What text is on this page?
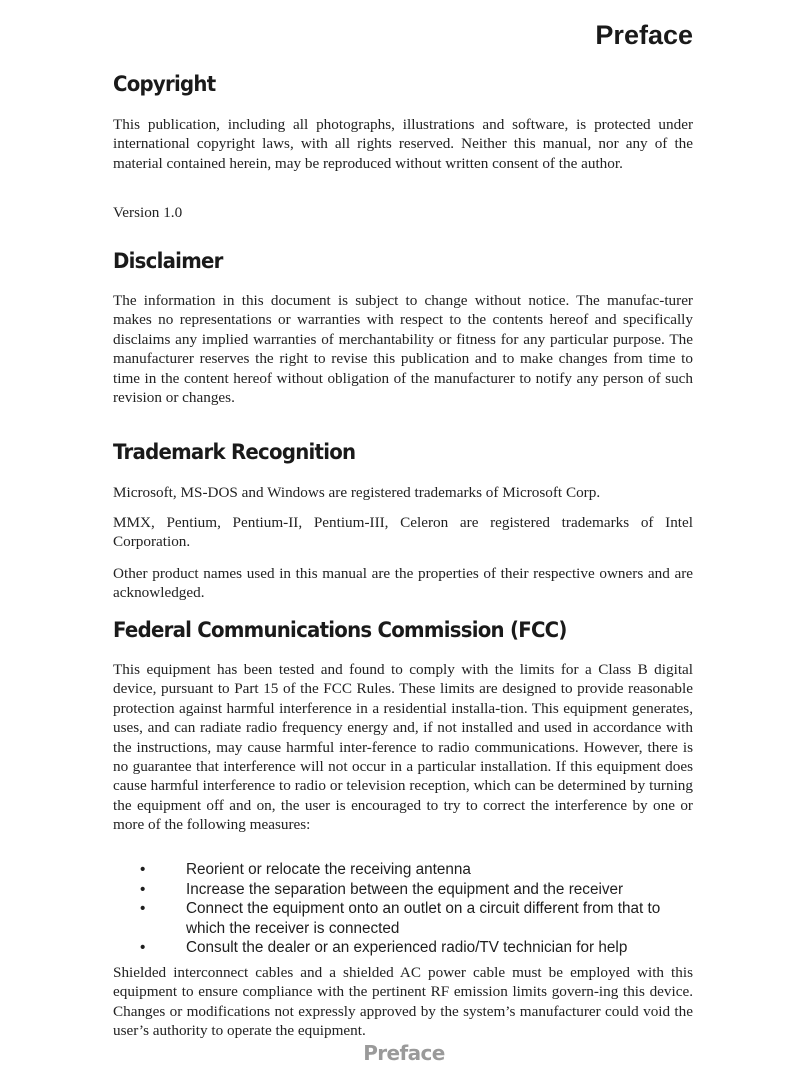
Preface
Copyright

This publication, including all photographs, illustrations and software, is protected under international copyright laws, with all rights reserved. Neither this manual, nor any of the material contained herein, may be reproduced without written consent of the author.

Version 1.0

Disclaimer

The information in this document is subject to change without notice. The manufac-turer makes no representations or warranties with respect to the contents hereof and specifically disclaims any implied warranties of merchantability or fitness for any particular purpose. The manufacturer reserves the right to revise this publication and to make changes from time to time in the content hereof without obligation of the manufacturer to notify any person of such revision or changes.

Trademark Recognition

Microsoft, MS-DOS and Windows are registered trademarks of Microsoft Corp.

MMX, Pentium, Pentium-II, Pentium-III, Celeron are registered trademarks of Intel Corporation.

Other product names used in this manual are the properties of their respective owners and are acknowledged.

Federal Communications Commission (FCC)

This equipment has been tested and found to comply with the limits for a Class B digital device, pursuant to Part 15 of the FCC Rules. These limits are designed to provide reasonable protection against harmful interference in a residential installa-tion. This equipment generates, uses, and can radiate radio frequency energy and, if not installed and used in accordance with the instructions, may cause harmful inter-ference to radio communications. However, there is no guarantee that interference will not occur in a particular installation. If this equipment does cause harmful interference to radio or television reception, which can be determined by turning the equipment off and on, the user is encouraged to try to correct the interference by one or more of the following measures:

•	Reorient or relocate the receiving antenna
•	Increase the separation between the equipment and the receiver
•	Connect the equipment onto an outlet on a circuit different from that to which the receiver is connected
•	Consult the dealer or an experienced radio/TV technician for help

Shielded interconnect cables and a shielded AC power cable must be employed with this equipment to ensure compliance with the pertinent RF emission limits govern-ing this device. Changes or modifications not expressly approved by the system’s manufacturer could void the user’s authority to operate the equipment.

Preface
